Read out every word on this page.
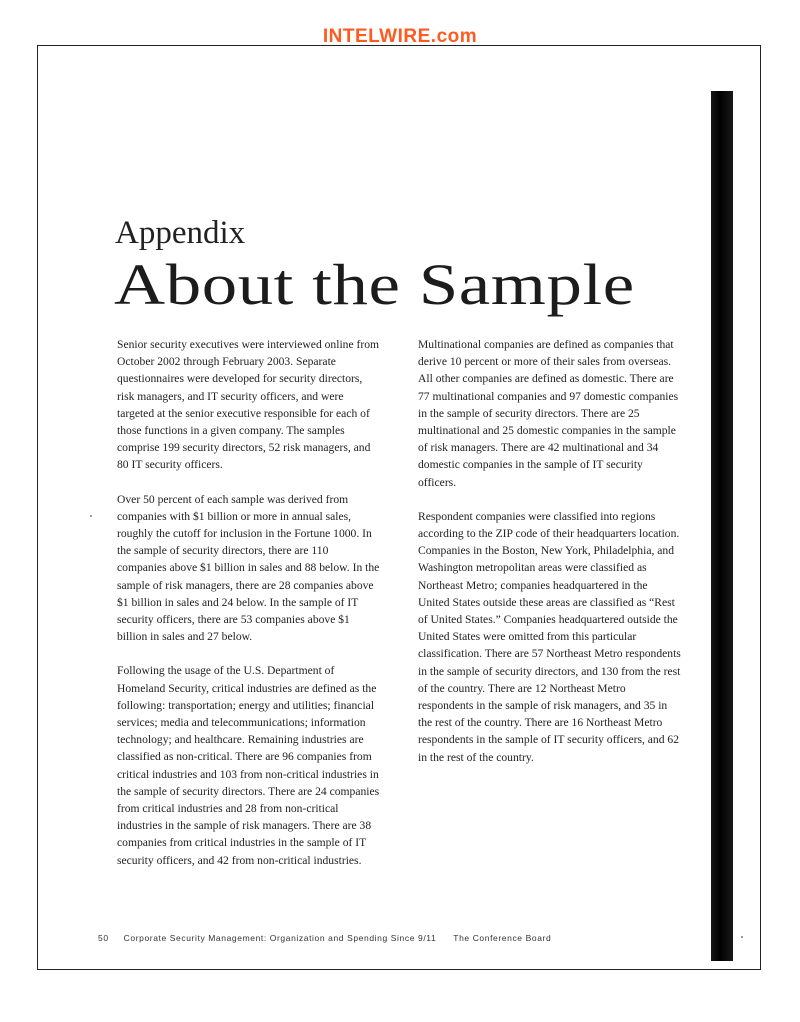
INTELWIRE.com
Appendix
About the Sample

Senior security executives were interviewed online from October 2002 through February 2003. Separate questionnaires were developed for security directors, risk managers, and IT security officers, and were targeted at the senior executive responsible for each of those functions in a given company. The samples comprise 199 security directors, 52 risk managers, and 80 IT security officers.

Over 50 percent of each sample was derived from companies with $1 billion or more in annual sales, roughly the cutoff for inclusion in the Fortune 1000. In the sample of security directors, there are 110 companies above $1 billion in sales and 88 below. In the sample of risk managers, there are 28 companies above $1 billion in sales and 24 below. In the sample of IT security officers, there are 53 companies above $1 billion in sales and 27 below.

Following the usage of the U.S. Department of Homeland Security, critical industries are defined as the following: transportation; energy and utilities; financial services; media and telecommunications; information technology; and healthcare. Remaining industries are classified as non-critical. There are 96 companies from critical industries and 103 from non-critical industries in the sample of security directors. There are 24 companies from critical industries and 28 from non-critical industries in the sample of risk managers. There are 38 companies from critical industries in the sample of IT security officers, and 42 from non-critical industries.

Multinational companies are defined as companies that derive 10 percent or more of their sales from overseas. All other companies are defined as domestic. There are 77 multinational companies and 97 domestic companies in the sample of security directors. There are 25 multinational and 25 domestic companies in the sample of risk managers. There are 42 multinational and 34 domestic companies in the sample of IT security officers.

Respondent companies were classified into regions according to the ZIP code of their headquarters location. Companies in the Boston, New York, Philadelphia, and Washington metropolitan areas were classified as Northeast Metro; companies headquartered in the United States outside these areas are classified as “Rest of United States.” Companies headquartered outside the United States were omitted from this particular classification. There are 57 Northeast Metro respondents in the sample of security directors, and 130 from the rest of the country. There are 12 Northeast Metro respondents in the sample of risk managers, and 35 in the rest of the country. There are 16 Northeast Metro respondents in the sample of IT security officers, and 62 in the rest of the country.

50 Corporate Security Management: Organization and Spending Since 9/11 The Conference Board
